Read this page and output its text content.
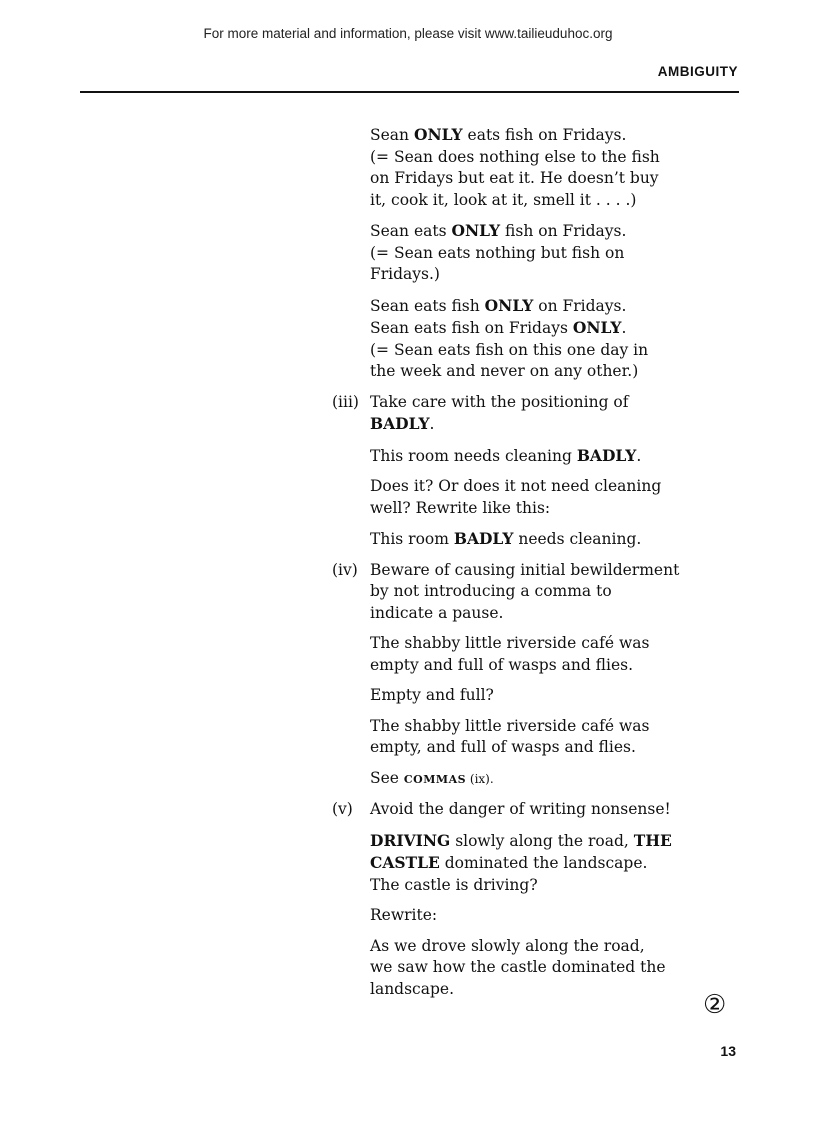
For more material and information, please visit www.tailieuduhoc.org
AMBIGUITY
Sean ONLY eats fish on Fridays.
(= Sean does nothing else to the fish
on Fridays but eat it. He doesn’t buy
it, cook it, look at it, smell it . . . .)
Sean eats ONLY fish on Fridays.
(= Sean eats nothing but fish on
Fridays.)
Sean eats fish ONLY on Fridays.
Sean eats fish on Fridays ONLY.
(= Sean eats fish on this one day in
the week and never on any other.)
(iii) Take care with the positioning of
BADLY.
This room needs cleaning BADLY.
Does it? Or does it not need cleaning
well? Rewrite like this:
This room BADLY needs cleaning.
(iv) Beware of causing initial bewilderment
by not introducing a comma to
indicate a pause.
The shabby little riverside café was
empty and full of wasps and flies.
Empty and full?
The shabby little riverside café was
empty, and full of wasps and flies.
See COMMAS (ix).
(v) Avoid the danger of writing nonsense!
DRIVING slowly along the road, THE
CASTLE dominated the landscape.
The castle is driving?
Rewrite:
As we drove slowly along the road,
we saw how the castle dominated the
landscape.
②
13
